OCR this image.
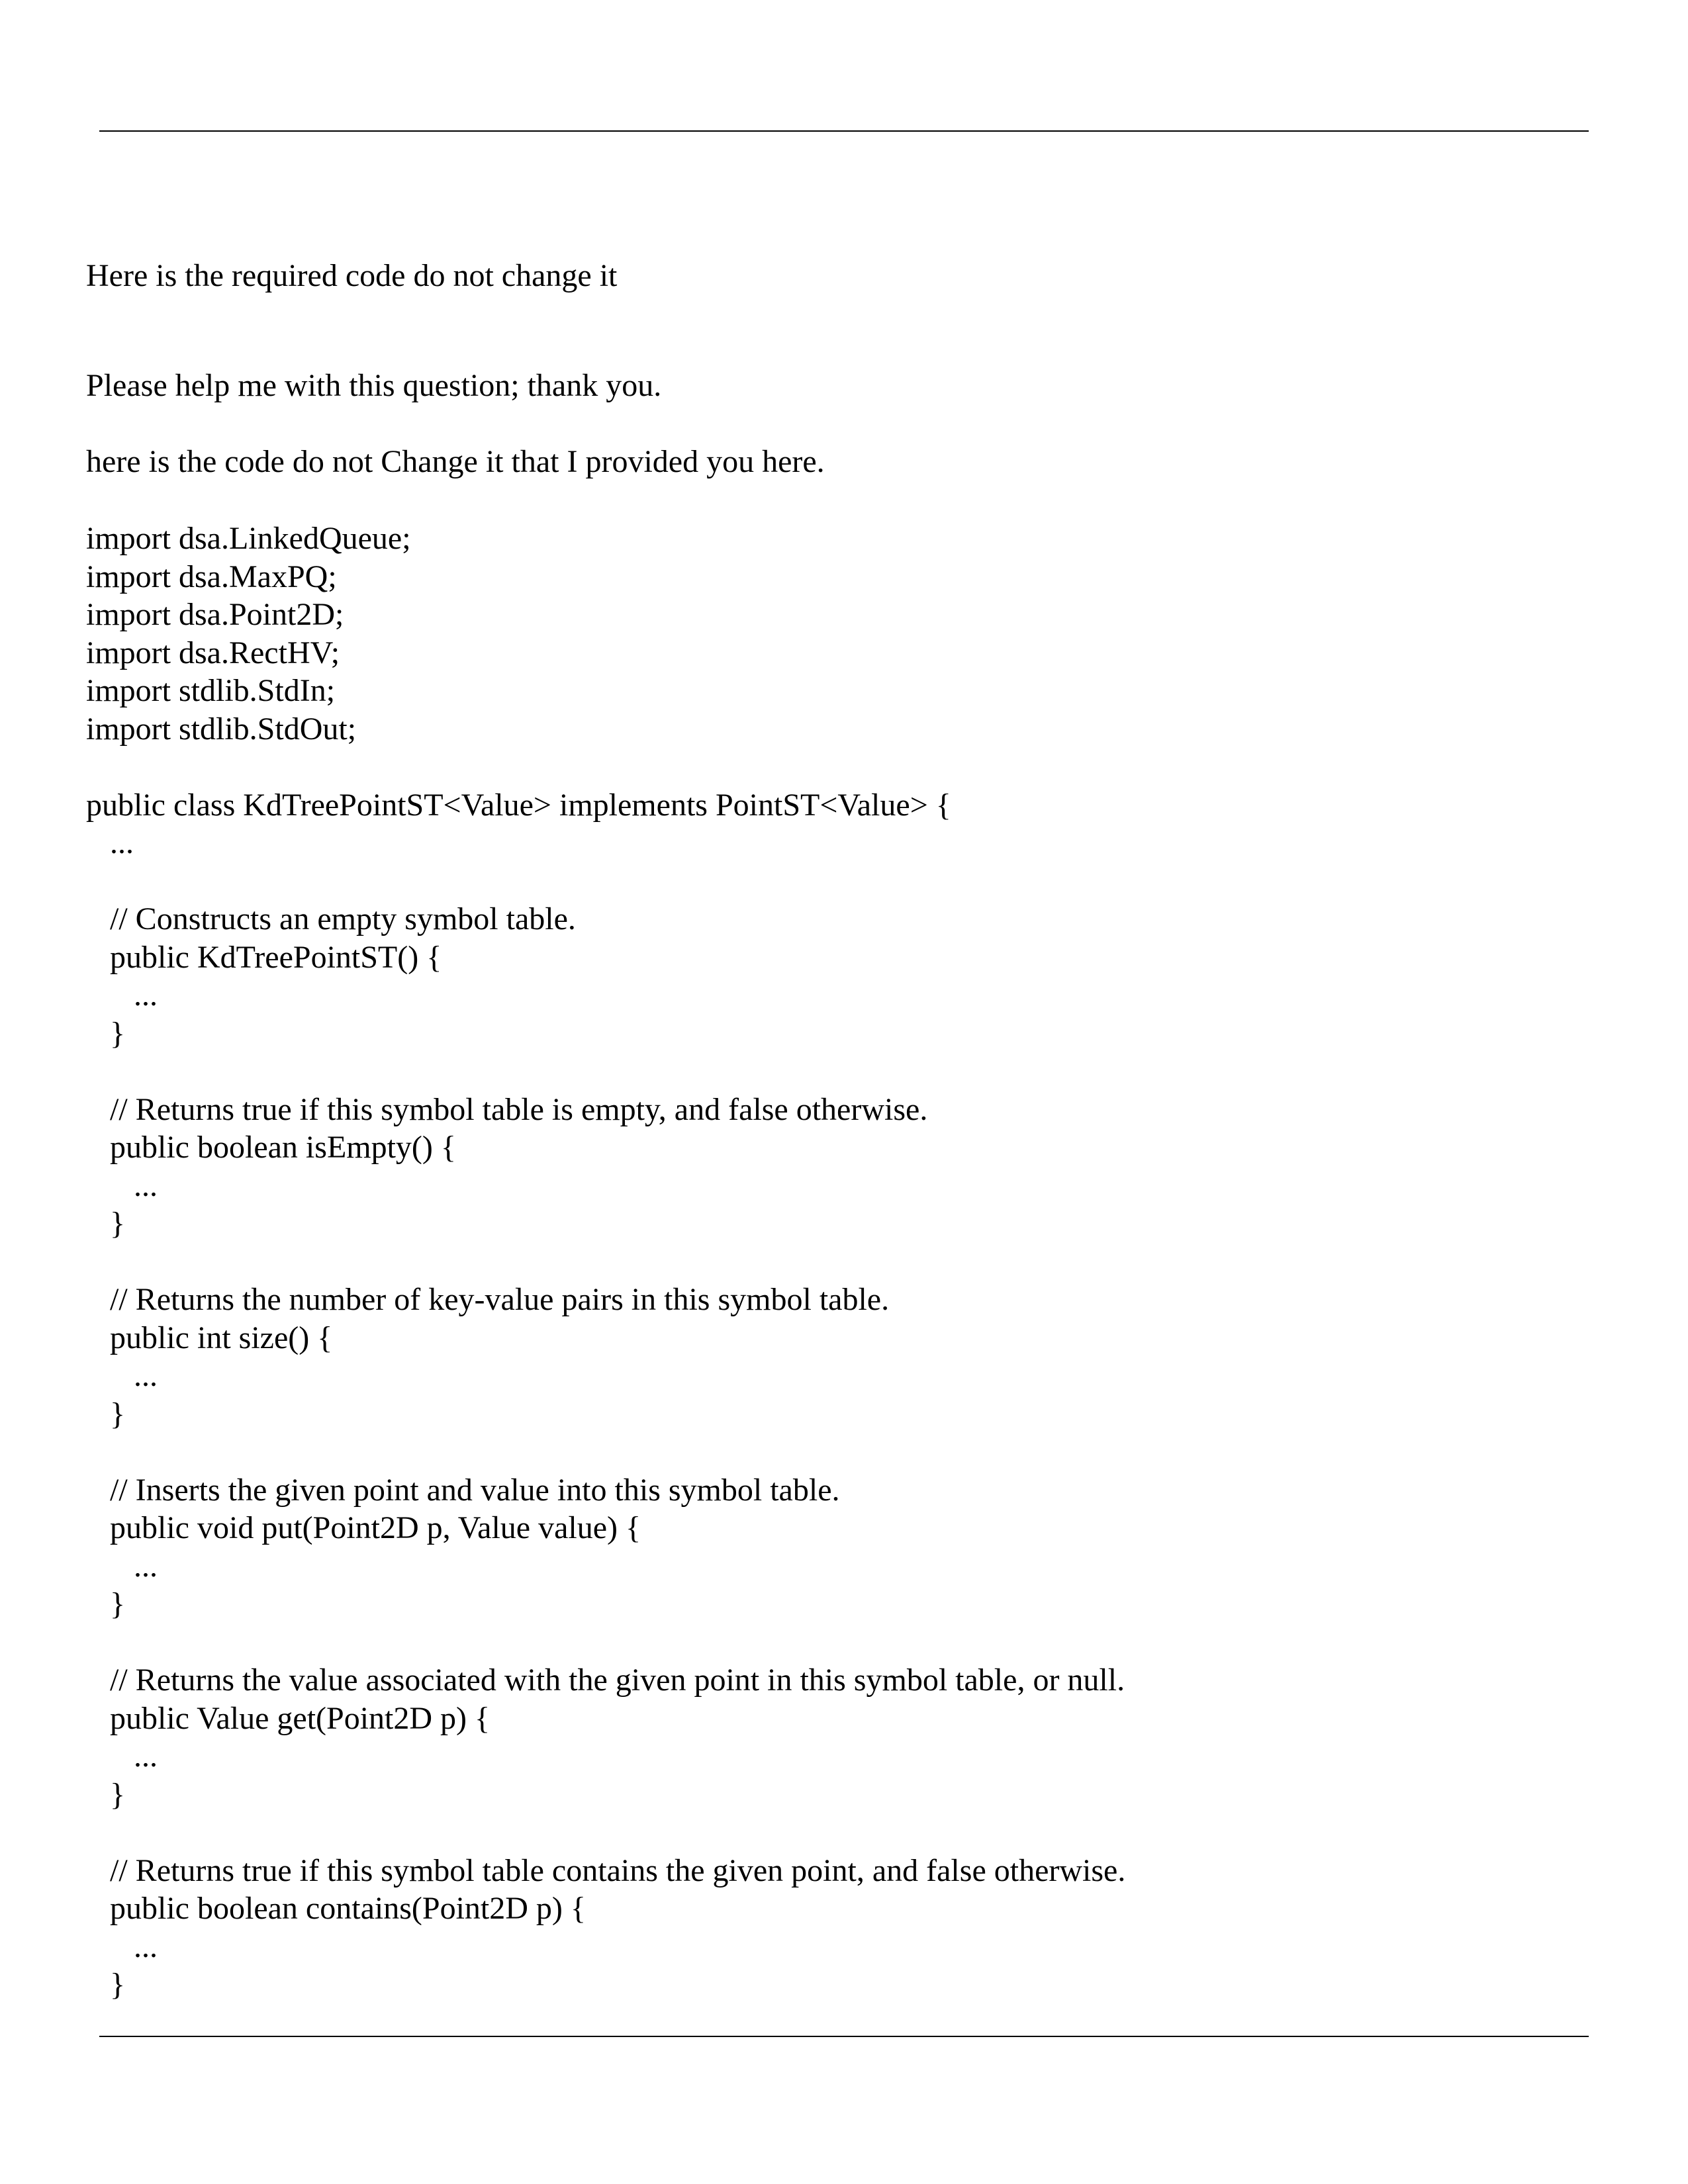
Here is the required code do not change it
Please help me with this question; thank you.
here is the code do not Change it that I provided you here.
import dsa.LinkedQueue;
import dsa.MaxPQ;
import dsa.Point2D;
import dsa.RectHV;
import stdlib.StdIn;
import stdlib.StdOut;
public class KdTreePointST<Value> implements PointST<Value> {
...
// Constructs an empty symbol table.
public KdTreePointST() {
...
}
// Returns true if this symbol table is empty, and false otherwise.
public boolean isEmpty() {
...
}
// Returns the number of key-value pairs in this symbol table.
public int size() {
...
}
// Inserts the given point and value into this symbol table.
public void put(Point2D p, Value value) {
...
}
// Returns the value associated with the given point in this symbol table, or null.
public Value get(Point2D p) {
...
}
// Returns true if this symbol table contains the given point, and false otherwise.
public boolean contains(Point2D p) {
...
}
